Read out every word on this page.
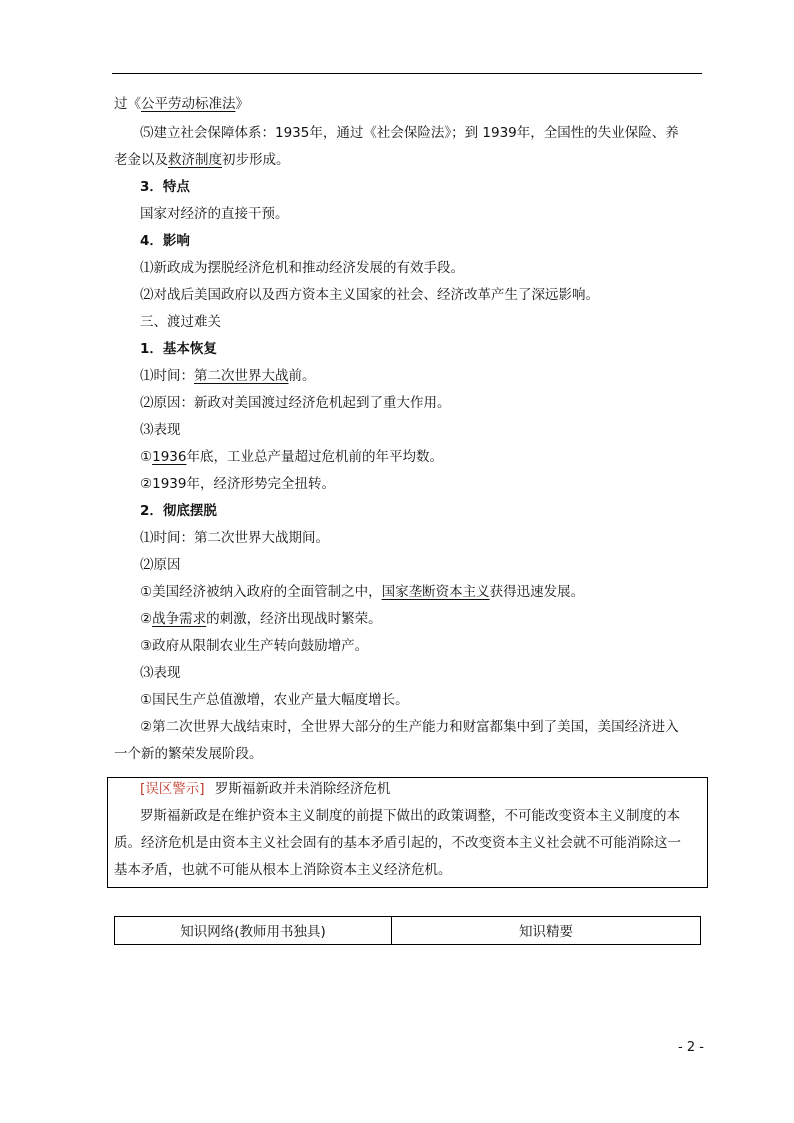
过《公平劳动标准法》
⑸建立社会保障体系：1935年，通过《社会保险法》；到 1939年，全国性的失业保险、养
老金以及救济制度初步形成。
3．特点
国家对经济的直接干预。
4．影响
⑴新政成为摆脱经济危机和推动经济发展的有效手段。
⑵对战后美国政府以及西方资本主义国家的社会、经济改革产生了深远影响。
三、渡过难关
1．基本恢复
⑴时间：第二次世界大战前。
⑵原因：新政对美国渡过经济危机起到了重大作用。
⑶表现
①1936年底，工业总产量超过危机前的年平均数。
②1939年，经济形势完全扭转。
2．彻底摆脱
⑴时间：第二次世界大战期间。
⑵原因
①美国经济被纳入政府的全面管制之中，国家垄断资本主义获得迅速发展。
②战争需求的刺激，经济出现战时繁荣。
③政府从限制农业生产转向鼓励增产。
⑶表现
①国民生产总值激增，农业产量大幅度增长。
②第二次世界大战结束时，全世界大部分的生产能力和财富都集中到了美国，美国经济进入
一个新的繁荣发展阶段。
[误区警示] 罗斯福新政并未消除经济危机
罗斯福新政是在维护资本主义制度的前提下做出的政策调整，不可能改变资本主义制度的本
质。经济危机是由资本主义社会固有的基本矛盾引起的，不改变资本主义社会就不可能消除这一
基本矛盾，也就不可能从根本上消除资本主义经济危机。
知识网络(教师用书独具)	知识精要
- 2 -
